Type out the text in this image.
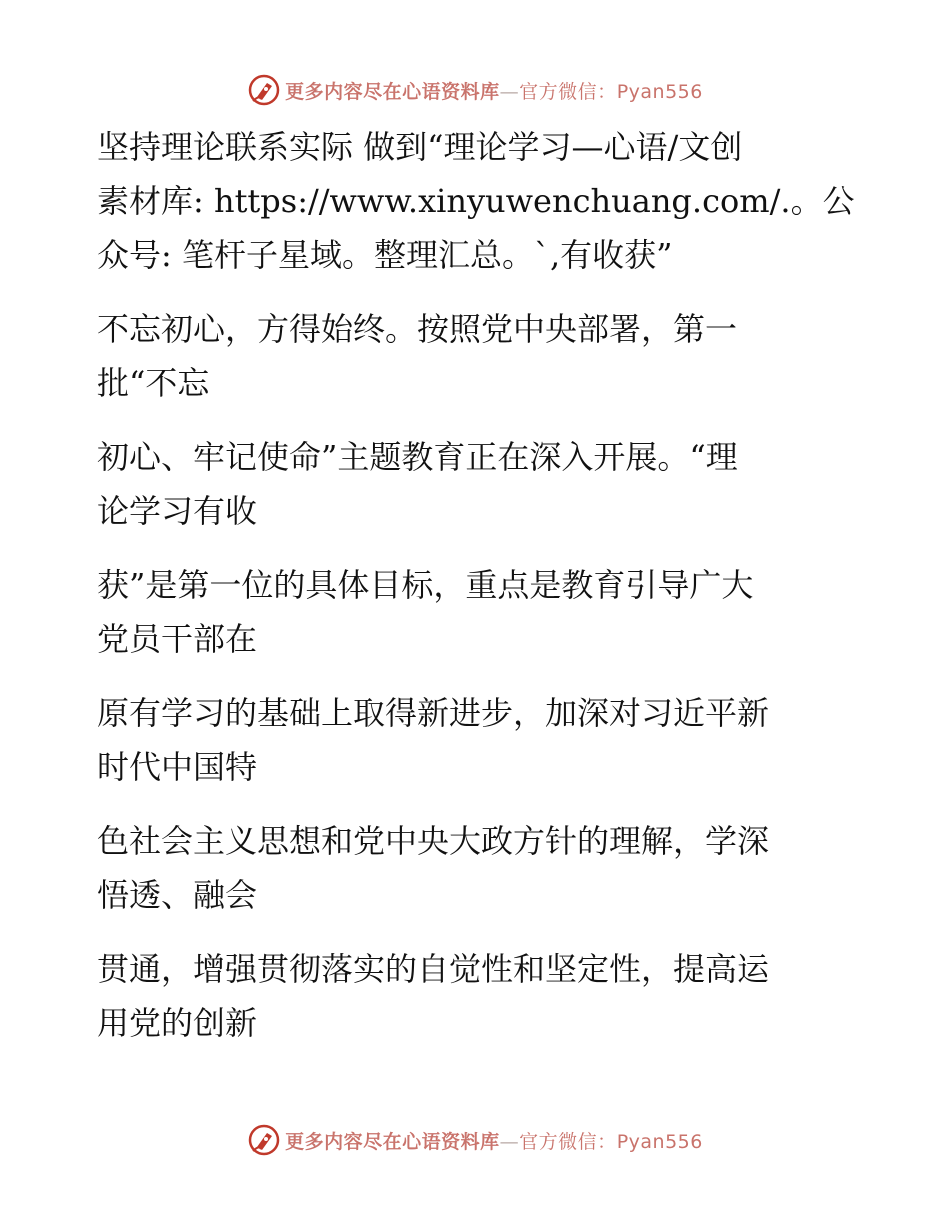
更多内容尽在心语资料库—官方微信：Pyan556

坚持理论联系实际 做到“理论学习—心语/文创
素材库: https://www.xinyuwenchuang.com/.。公
众号: 笔杆子星域。整理汇总。`,有收获”

不忘初心，方得始终。按照党中央部署，第一
批“不忘

初心、牢记使命”主题教育正在深入开展。“理
论学习有收

获”是第一位的具体目标，重点是教育引导广大
党员干部在

原有学习的基础上取得新进步，加深对习近平新
时代中国特

色社会主义思想和党中央大政方针的理解，学深
悟透、融会

贯通，增强贯彻落实的自觉性和坚定性，提高运
用党的创新

更多内容尽在心语资料库—官方微信：Pyan556
